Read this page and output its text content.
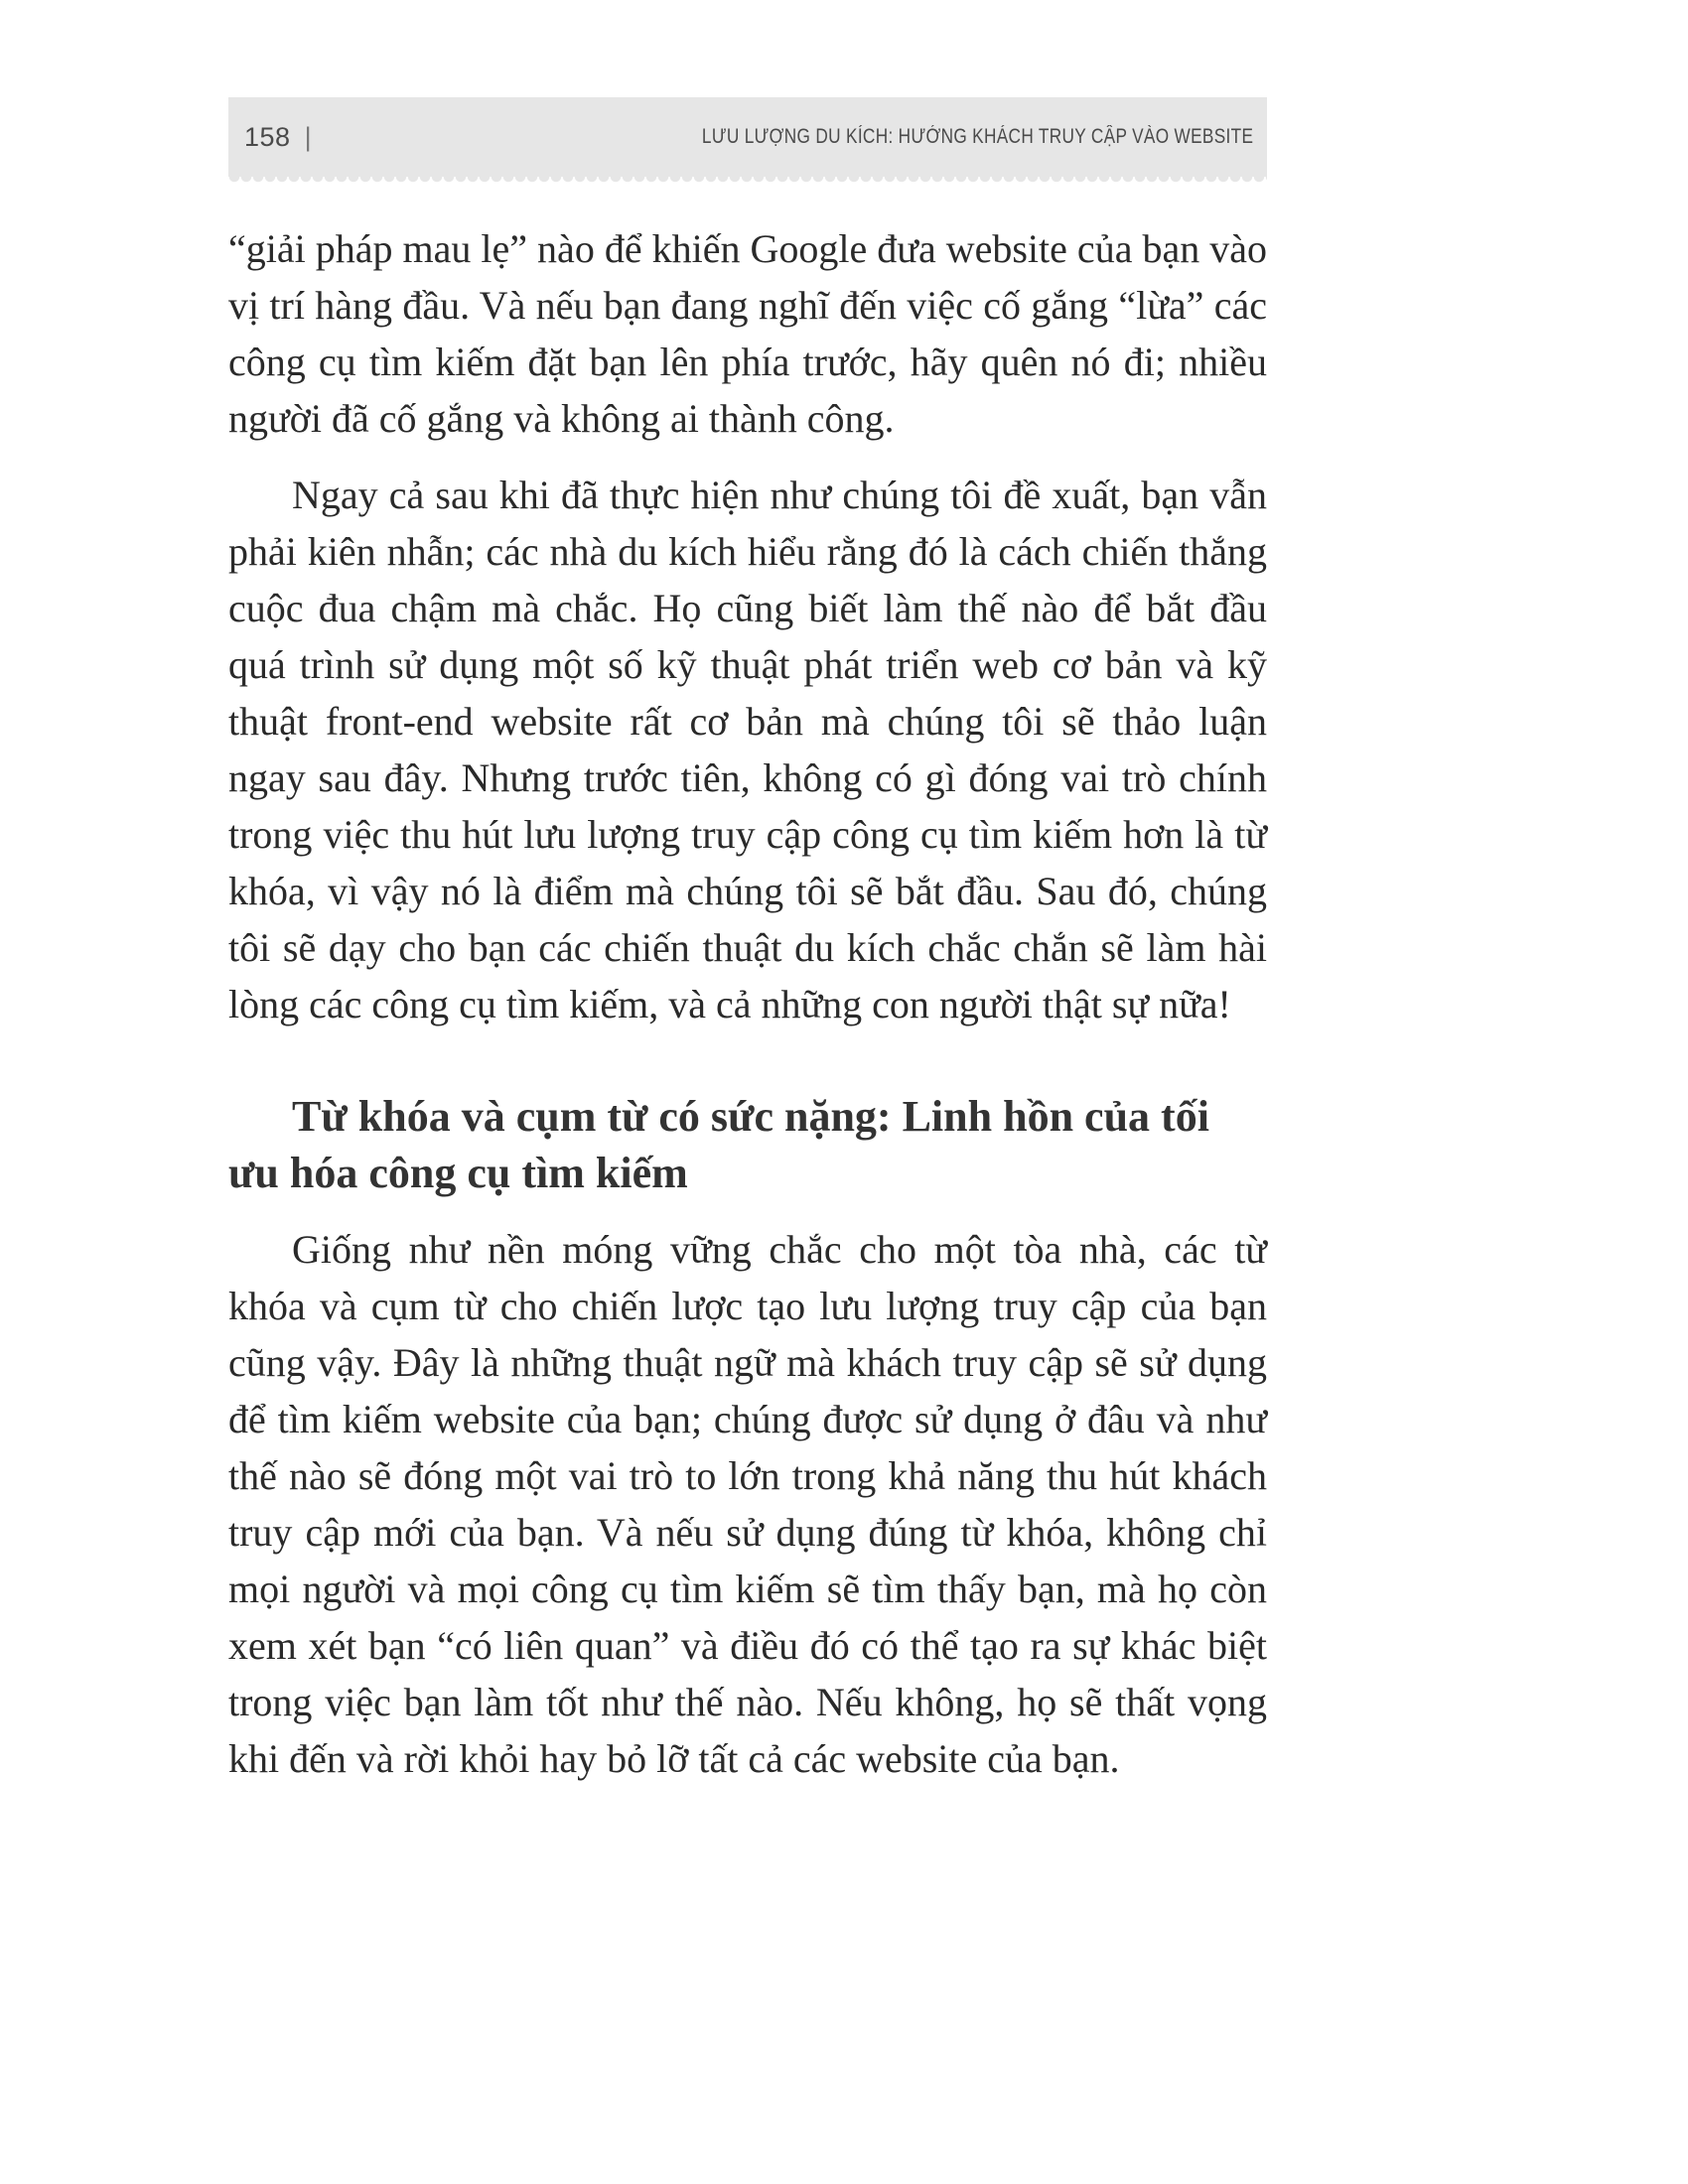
158 |	LƯU LƯỢNG DU KÍCH: HƯỚNG KHÁCH TRUY CẬP VÀO WEBSITE

“giải pháp mau lẹ” nào để khiến Google đưa website của bạn vào vị trí hàng đầu. Và nếu bạn đang nghĩ đến việc cố gắng “lừa” các công cụ tìm kiếm đặt bạn lên phía trước, hãy quên nó đi; nhiều người đã cố gắng và không ai thành công.

Ngay cả sau khi đã thực hiện như chúng tôi đề xuất, bạn vẫn phải kiên nhẫn; các nhà du kích hiểu rằng đó là cách chiến thắng cuộc đua chậm mà chắc. Họ cũng biết làm thế nào để bắt đầu quá trình sử dụng một số kỹ thuật phát triển web cơ bản và kỹ thuật front-end website rất cơ bản mà chúng tôi sẽ thảo luận ngay sau đây. Nhưng trước tiên, không có gì đóng vai trò chính trong việc thu hút lưu lượng truy cập công cụ tìm kiếm hơn là từ khóa, vì vậy nó là điểm mà chúng tôi sẽ bắt đầu. Sau đó, chúng tôi sẽ dạy cho bạn các chiến thuật du kích chắc chắn sẽ làm hài lòng các công cụ tìm kiếm, và cả những con người thật sự nữa!

Từ khóa và cụm từ có sức nặng: Linh hồn của tối ưu hóa công cụ tìm kiếm

Giống như nền móng vững chắc cho một tòa nhà, các từ khóa và cụm từ cho chiến lược tạo lưu lượng truy cập của bạn cũng vậy. Đây là những thuật ngữ mà khách truy cập sẽ sử dụng để tìm kiếm website của bạn; chúng được sử dụng ở đâu và như thế nào sẽ đóng một vai trò to lớn trong khả năng thu hút khách truy cập mới của bạn. Và nếu sử dụng đúng từ khóa, không chỉ mọi người và mọi công cụ tìm kiếm sẽ tìm thấy bạn, mà họ còn xem xét bạn “có liên quan” và điều đó có thể tạo ra sự khác biệt trong việc bạn làm tốt như thế nào. Nếu không, họ sẽ thất vọng khi đến và rời khỏi hay bỏ lỡ tất cả các website của bạn.
